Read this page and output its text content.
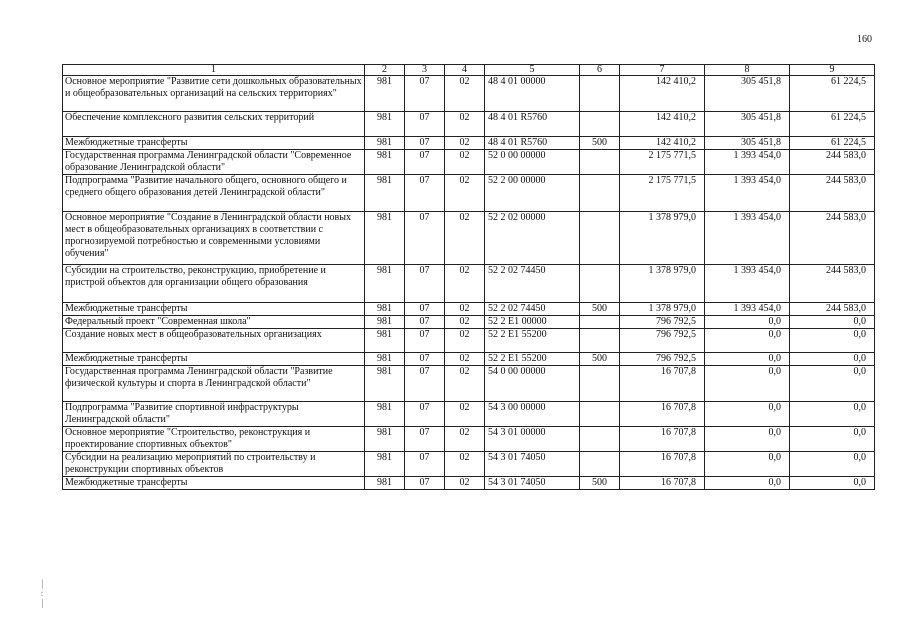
160
1	2	3	4	5	6	7	8	9
Основное мероприятие "Развитие сети дошкольных образовательных и общеобразовательных организаций на сельских территориях"	981	07	02	48 4 01 00000		142 410,2	305 451,8	61 224,5
Обеспечение комплексного развития сельских территорий	981	07	02	48 4 01 R5760		142 410,2	305 451,8	61 224,5
Межбюджетные трансферты	981	07	02	48 4 01 R5760	500	142 410,2	305 451,8	61 224,5
Государственная программа Ленинградской области "Современное образование Ленинградской области"	981	07	02	52 0 00 00000		2 175 771,5	1 393 454,0	244 583,0
Подпрограмма "Развитие начального общего, основного общего и среднего общего образования детей Ленинградской области"	981	07	02	52 2 00 00000		2 175 771,5	1 393 454,0	244 583,0
Основное мероприятие "Создание в Ленинградской области новых мест в общеобразовательных организациях в соответствии с прогнозируемой потребностью и современными условиями обучения"	981	07	02	52 2 02 00000		1 378 979,0	1 393 454,0	244 583,0
Субсидии на строительство, реконструкцию, приобретение и пристрой объектов для организации общего образования	981	07	02	52 2 02 74450		1 378 979,0	1 393 454,0	244 583,0
Межбюджетные трансферты	981	07	02	52 2 02 74450	500	1 378 979,0	1 393 454,0	244 583,0
Федеральный проект "Современная школа"	981	07	02	52 2 E1 00000		796 792,5	0,0	0,0
Создание новых мест в общеобразовательных организациях	981	07	02	52 2 E1 55200		796 792,5	0,0	0,0
Межбюджетные трансферты	981	07	02	52 2 E1 55200	500	796 792,5	0,0	0,0
Государственная программа Ленинградской области "Развитие физической культуры и спорта в Ленинградской области"	981	07	02	54 0 00 00000		16 707,8	0,0	0,0
Подпрограмма "Развитие спортивной инфраструктуры Ленинградской области"	981	07	02	54 3 00 00000		16 707,8	0,0	0,0
Основное мероприятие "Строительство, реконструкция и проектирование спортивных объектов"	981	07	02	54 3 01 00000		16 707,8	0,0	0,0
Субсидии на реализацию мероприятий по строительству и реконструкции спортивных объектов	981	07	02	54 3 01 74050		16 707,8	0,0	0,0
Межбюджетные трансферты	981	07	02	54 3 01 74050	500	16 707,8	0,0	0,0
— ·· —
